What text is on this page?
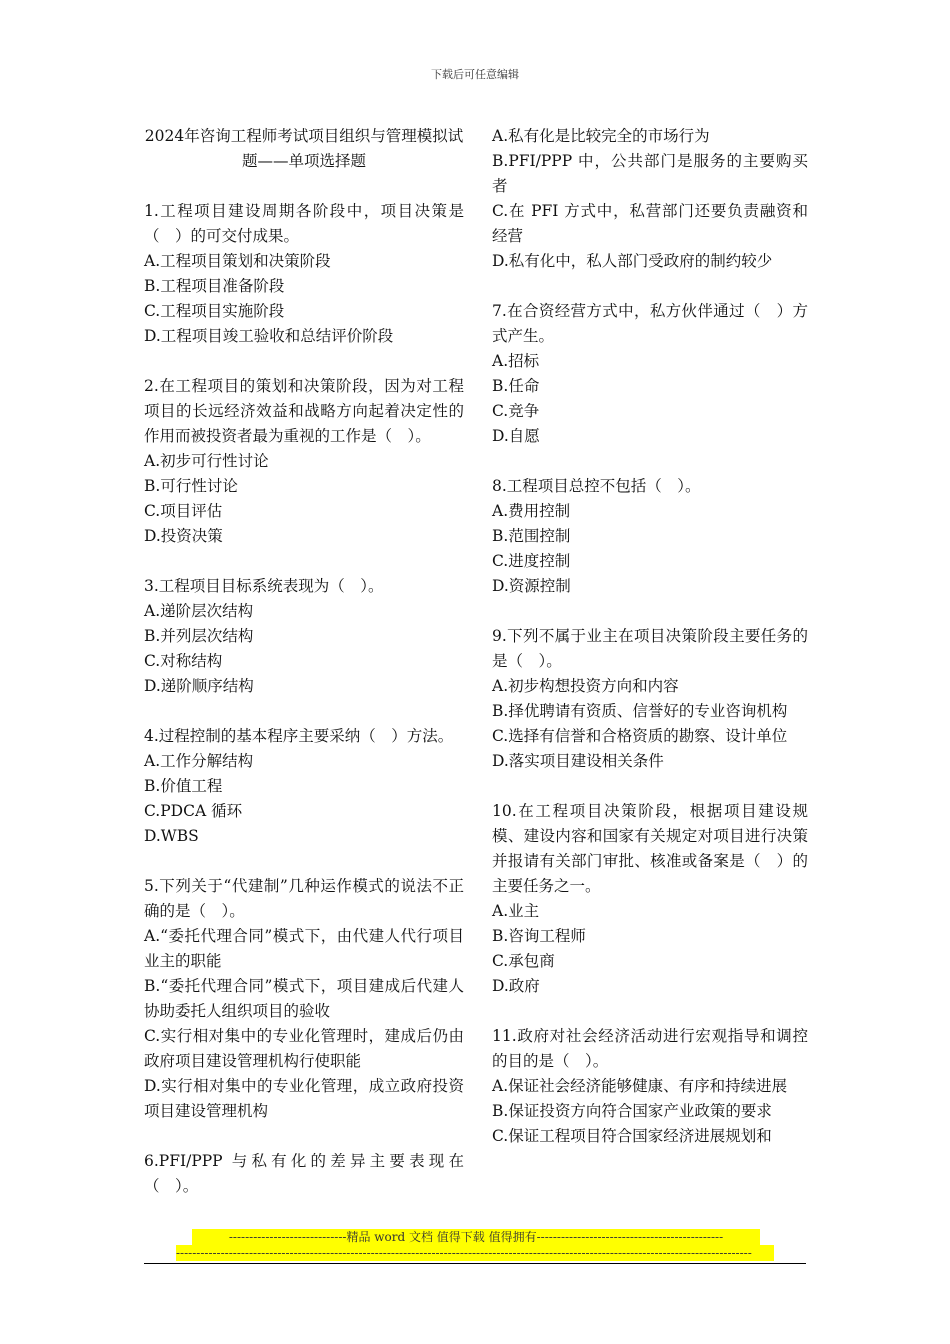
下载后可任意编辑
2024年咨询工程师考试项目组织与管理模拟试题——单项选择题
1.工程项目建设周期各阶段中，项目决策是（　）的可交付成果。
A.工程项目策划和决策阶段
B.工程项目准备阶段
C.工程项目实施阶段
D.工程项目竣工验收和总结评价阶段
2.在工程项目的策划和决策阶段，因为对工程项目的长远经济效益和战略方向起着决定性的作用而被投资者最为重视的工作是（　）。
A.初步可行性讨论
B.可行性讨论
C.项目评估
D.投资决策
3.工程项目目标系统表现为（　）。
A.递阶层次结构
B.并列层次结构
C.对称结构
D.递阶顺序结构
4.过程控制的基本程序主要采纳（　）方法。
A.工作分解结构
B.价值工程
C.PDCA 循环
D.WBS
5.下列关于“代建制”几种运作模式的说法不正确的是（　）。
A.“委托代理合同”模式下，由代建人代行项目业主的职能
B.“委托代理合同”模式下，项目建成后代建人协助委托人组织项目的验收
C.实行相对集中的专业化管理时，建成后仍由政府项目建设管理机构行使职能
D.实行相对集中的专业化管理，成立政府投资项目建设管理机构
6.PFI/PPP 与私有化的差异主要表现在（　）。
A.私有化是比较完全的市场行为
B.PFI/PPP 中，公共部门是服务的主要购买者
C.在 PFI 方式中，私营部门还要负责融资和经营
D.私有化中，私人部门受政府的制约较少
7.在合资经营方式中，私方伙伴通过（　）方式产生。
A.招标
B.任命
C.竞争
D.自愿
8.工程项目总控不包括（　）。
A.费用控制
B.范围控制
C.进度控制
D.资源控制
9.下列不属于业主在项目决策阶段主要任务的是（　）。
A.初步构想投资方向和内容
B.择优聘请有资质、信誉好的专业咨询机构
C.选择有信誉和合格资质的勘察、设计单位
D.落实项目建设相关条件
10.在工程项目决策阶段，根据项目建设规模、建设内容和国家有关规定对项目进行决策并报请有关部门审批、核准或备案是（　）的主要任务之一。
A.业主
B.咨询工程师
C.承包商
D.政府
11.政府对社会经济活动进行宏观指导和调控的目的是（　）。
A.保证社会经济能够健康、有序和持续进展
B.保证投资方向符合国家产业政策的要求
C.保证工程项目符合国家经济进展规划和
-----------------------------精品 word 文档 值得下载 值得拥有----------------------------------------------
----------------------------------------------------------------------------------------------------------------------------------------------
